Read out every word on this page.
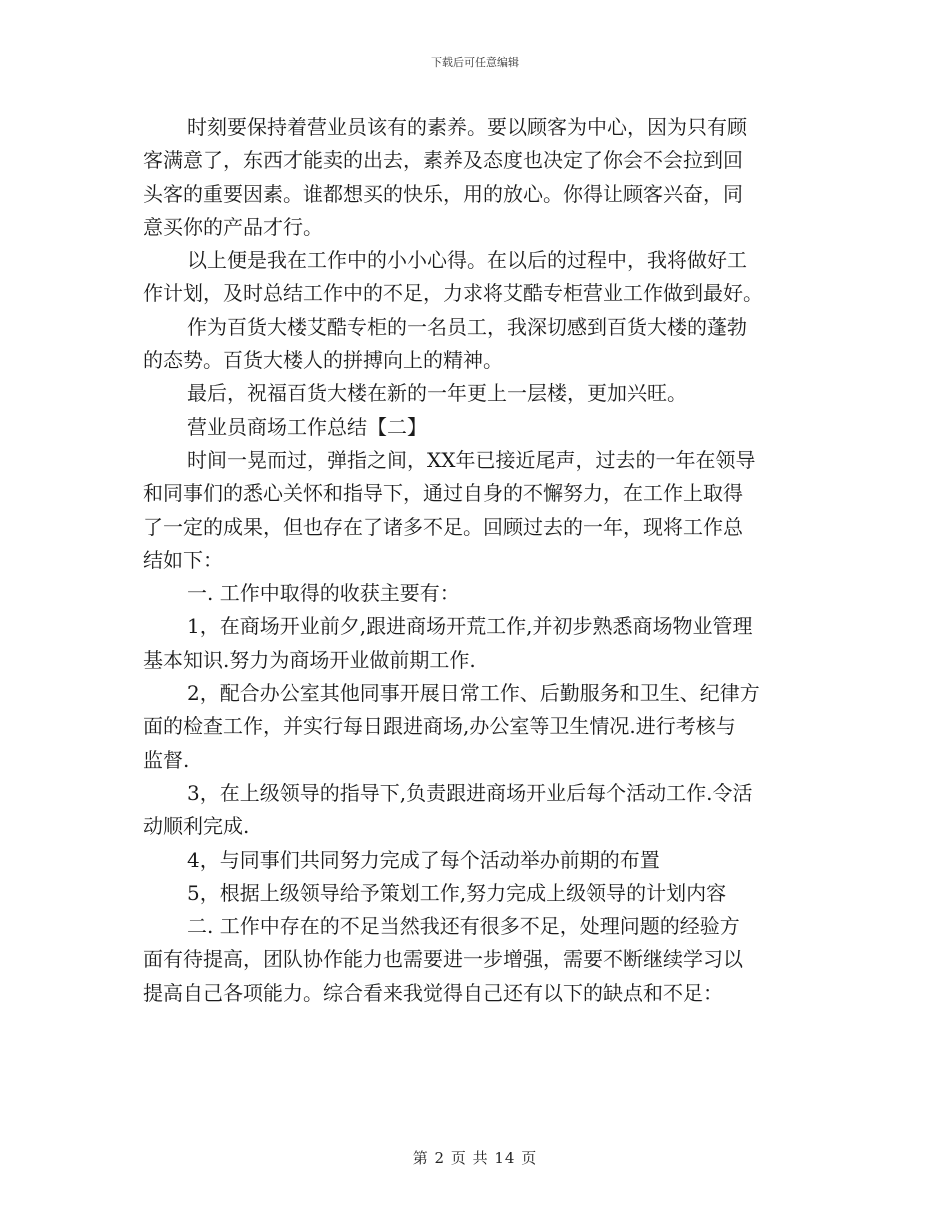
下载后可任意编辑
时刻要保持着营业员该有的素养。要以顾客为中心，因为只有顾
客满意了，东西才能卖的出去，素养及态度也决定了你会不会拉到回
头客的重要因素。谁都想买的快乐，用的放心。你得让顾客兴奋，同
意买你的产品才行。
以上便是我在工作中的小小心得。在以后的过程中，我将做好工
作计划，及时总结工作中的不足，力求将艾酷专柜营业工作做到最好。
作为百货大楼艾酷专柜的一名员工，我深切感到百货大楼的蓬勃
的态势。百货大楼人的拼搏向上的精神。
最后，祝福百货大楼在新的一年更上一层楼，更加兴旺。
营业员商场工作总结【二】
时间一晃而过，弹指之间，XX年已接近尾声，过去的一年在领导
和同事们的悉心关怀和指导下，通过自身的不懈努力，在工作上取得
了一定的成果，但也存在了诸多不足。回顾过去的一年，现将工作总
结如下：
一. 工作中取得的收获主要有：
1，在商场开业前夕,跟进商场开荒工作,并初步熟悉商场物业管理
基本知识.努力为商场开业做前期工作.
2，配合办公室其他同事开展日常工作、后勤服务和卫生、纪律方
面的检查工作，并实行每日跟进商场,办公室等卫生情况.进行考核与
监督.
3，在上级领导的指导下,负责跟进商场开业后每个活动工作.令活
动顺利完成.
4，与同事们共同努力完成了每个活动举办前期的布置
5，根据上级领导给予策划工作,努力完成上级领导的计划内容
二. 工作中存在的不足当然我还有很多不足，处理问题的经验方
面有待提高，团队协作能力也需要进一步增强，需要不断继续学习以
提高自己各项能力。综合看来我觉得自己还有以下的缺点和不足：
第 2 页 共 14 页
